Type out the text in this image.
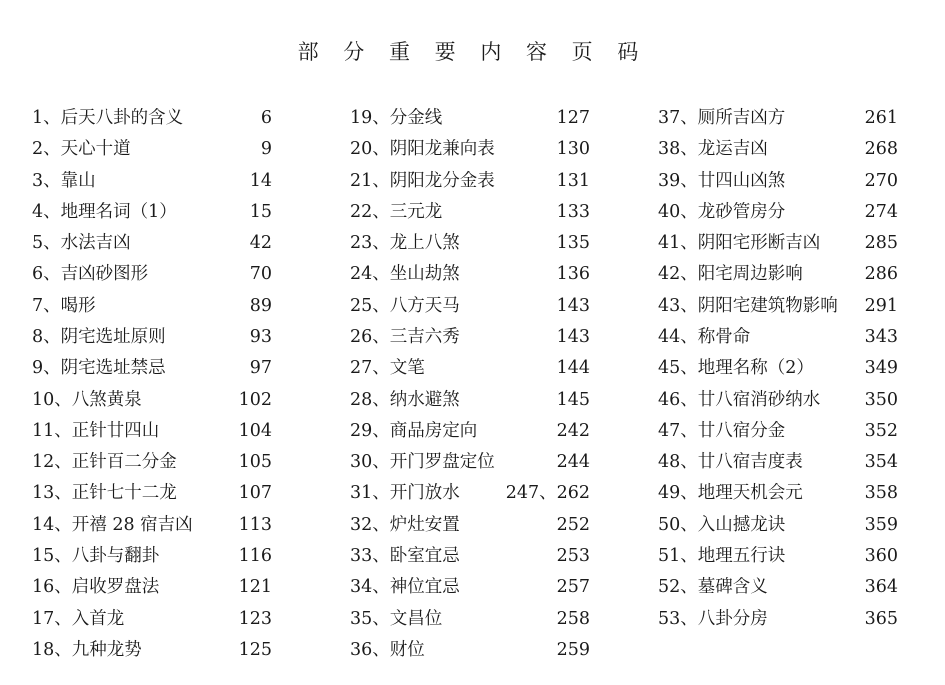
部 分 重 要 内 容 页 码
1、后天八卦的含义	6
2、天心十道	9
3、靠山	14
4、地理名词（1）	15
5、水法吉凶	42
6、吉凶砂图形	70
7、喝形	89
8、阴宅选址原则	93
9、阴宅选址禁忌	97
10、八煞黄泉	102
11、正针廿四山	104
12、正针百二分金	105
13、正针七十二龙	107
14、开禧 28 宿吉凶	113
15、八卦与翻卦	116
16、启收罗盘法	121
17、入首龙	123
18、九种龙势	125
19、分金线	127
20、阴阳龙兼向表	130
21、阴阳龙分金表	131
22、三元龙	133
23、龙上八煞	135
24、坐山劫煞	136
25、八方天马	143
26、三吉六秀	143
27、文笔	144
28、纳水避煞	145
29、商品房定向	242
30、开门罗盘定位	244
31、开门放水	247、262
32、炉灶安置	252
33、卧室宜忌	253
34、神位宜忌	257
35、文昌位	258
36、财位	259
37、厕所吉凶方	261
38、龙运吉凶	268
39、廿四山凶煞	270
40、龙砂管房分	274
41、阴阳宅形断吉凶	285
42、阳宅周边影响	286
43、阴阳宅建筑物影响 291
44、称骨命	343
45、地理名称（2）	349
46、廿八宿消砂纳水	350
47、廿八宿分金	352
48、廿八宿吉度表	354
49、地理天机会元	358
50、入山撼龙诀	359
51、地理五行诀	360
52、墓碑含义	364
53、八卦分房	365
